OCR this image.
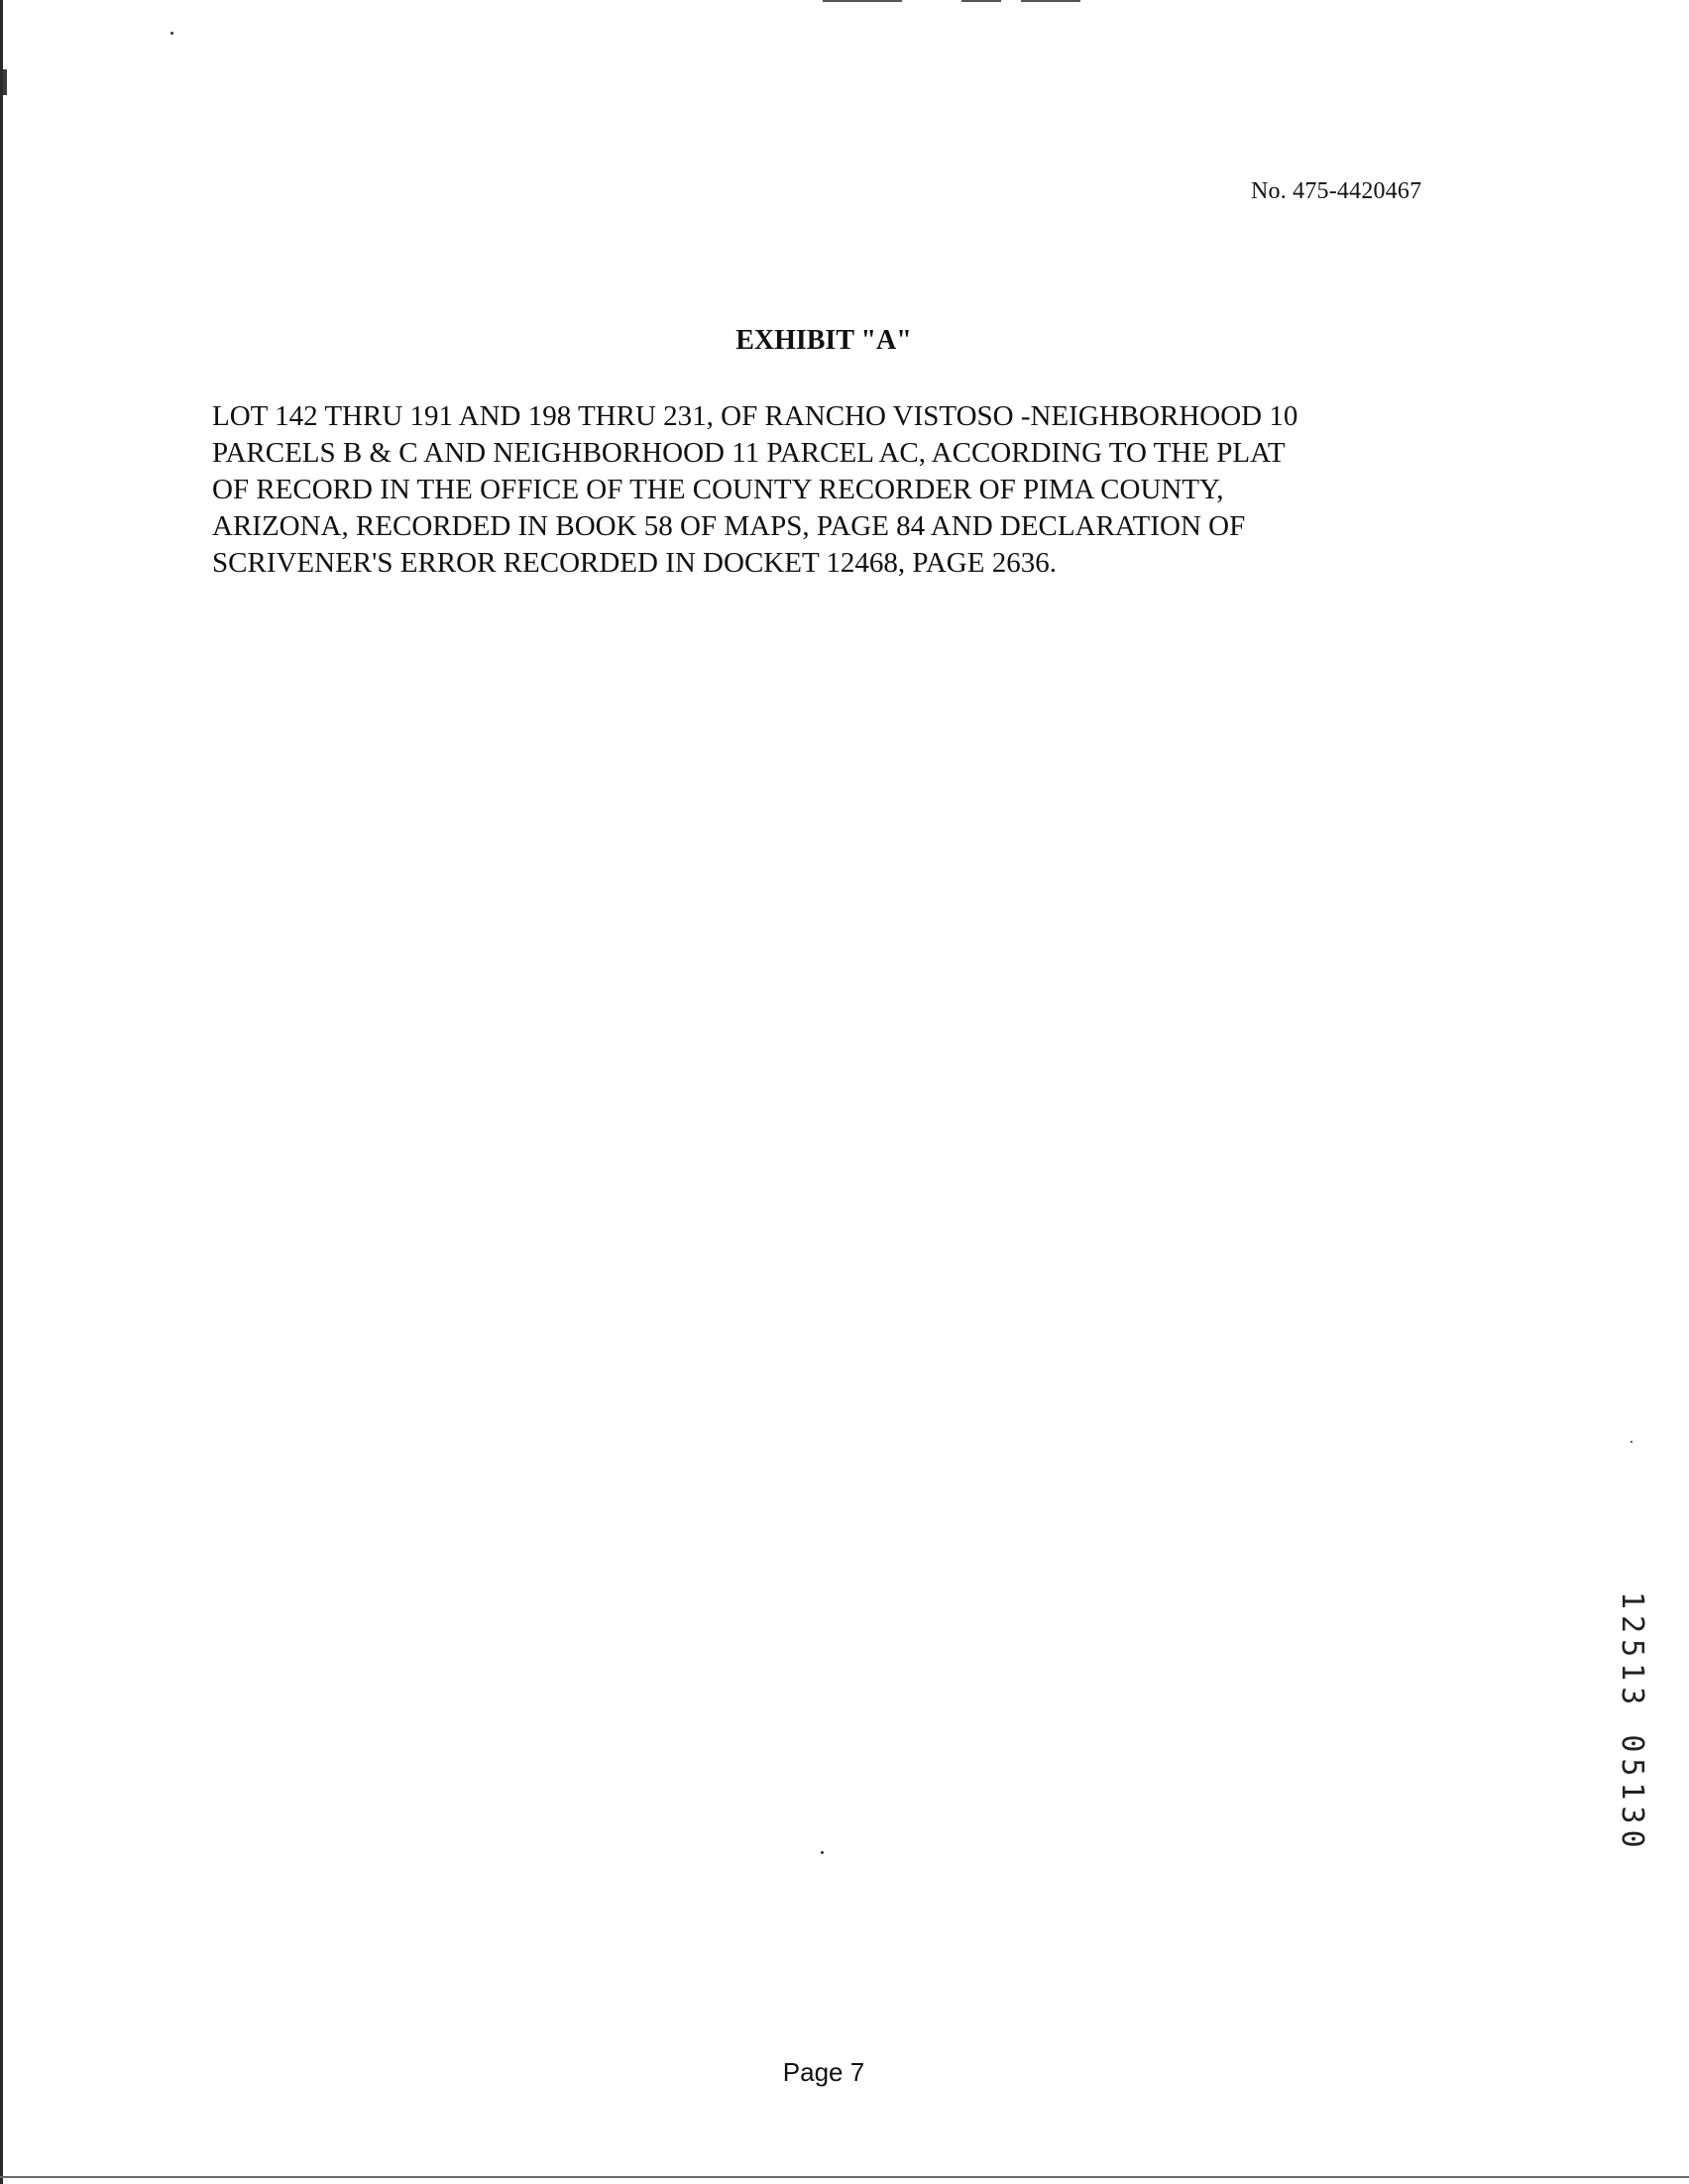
No. 475-4420467
EXHIBIT "A"
LOT 142 THRU 191 AND 198 THRU 231, OF RANCHO VISTOSO -NEIGHBORHOOD 10
PARCELS B & C AND NEIGHBORHOOD 11 PARCEL AC, ACCORDING TO THE PLAT
OF RECORD IN THE OFFICE OF THE COUNTY RECORDER OF PIMA COUNTY,
ARIZONA, RECORDED IN BOOK 58 OF MAPS, PAGE 84 AND DECLARATION OF
SCRIVENER'S ERROR RECORDED IN DOCKET 12468, PAGE 2636.
12513 05130
Page 7
